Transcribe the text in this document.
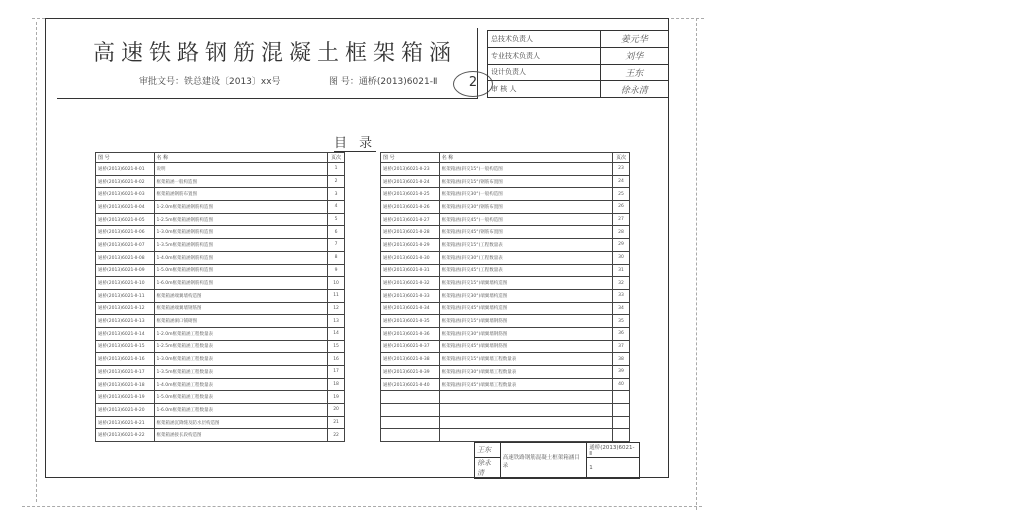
高速铁路钢筋混凝土框架箱涵
审批文号：铁总建设〔2013〕xx号	图 号：通桥(2013)6021-Ⅱ	2
总技术负责人	姜元华
专业技术负责人	刘华
设计负责人	王东
审 核 人	徐永清
目 录
图 号	名 称	页次
通桥(2013)6021-Ⅱ-01	说明	1
通桥(2013)6021-Ⅱ-02	框架箱涵一般构造图	2
通桥(2013)6021-Ⅱ-03	框架箱涵钢筋布置图	3
通桥(2013)6021-Ⅱ-04	1-2.0m框架箱涵钢筋构造图	4
通桥(2013)6021-Ⅱ-05	1-2.5m框架箱涵钢筋构造图	5
通桥(2013)6021-Ⅱ-06	1-3.0m框架箱涵钢筋构造图	6
通桥(2013)6021-Ⅱ-07	1-3.5m框架箱涵钢筋构造图	7
通桥(2013)6021-Ⅱ-08	1-4.0m框架箱涵钢筋构造图	8
通桥(2013)6021-Ⅱ-09	1-5.0m框架箱涵钢筋构造图	9
通桥(2013)6021-Ⅱ-10	1-6.0m框架箱涵钢筋构造图	10
通桥(2013)6021-Ⅱ-11	框架箱涵端翼墙构造图	11
通桥(2013)6021-Ⅱ-12	框架箱涵端翼墙钢筋图	12
通桥(2013)6021-Ⅱ-13	框架箱涵洞口铺砌图	13
通桥(2013)6021-Ⅱ-14	1-2.0m框架箱涵工程数量表	14
通桥(2013)6021-Ⅱ-15	1-2.5m框架箱涵工程数量表	15
通桥(2013)6021-Ⅱ-16	1-3.0m框架箱涵工程数量表	16
通桥(2013)6021-Ⅱ-17	1-3.5m框架箱涵工程数量表	17
通桥(2013)6021-Ⅱ-18	1-4.0m框架箱涵工程数量表	18
通桥(2013)6021-Ⅱ-19	1-5.0m框架箱涵工程数量表	19
通桥(2013)6021-Ⅱ-20	1-6.0m框架箱涵工程数量表	20
通桥(2013)6021-Ⅱ-21	框架箱涵沉降缝及防水层构造图	21
通桥(2013)6021-Ⅱ-22	框架箱涵接长段构造图	22
图 号	名 称	页次
通桥(2013)6021-Ⅱ-23	框架箱涵(斜交15°)一般构造图	23
通桥(2013)6021-Ⅱ-24	框架箱涵(斜交15°)钢筋布置图	24
通桥(2013)6021-Ⅱ-25	框架箱涵(斜交30°)一般构造图	25
通桥(2013)6021-Ⅱ-26	框架箱涵(斜交30°)钢筋布置图	26
通桥(2013)6021-Ⅱ-27	框架箱涵(斜交45°)一般构造图	27
通桥(2013)6021-Ⅱ-28	框架箱涵(斜交45°)钢筋布置图	28
通桥(2013)6021-Ⅱ-29	框架箱涵(斜交15°)工程数量表	29
通桥(2013)6021-Ⅱ-30	框架箱涵(斜交30°)工程数量表	30
通桥(2013)6021-Ⅱ-31	框架箱涵(斜交45°)工程数量表	31
通桥(2013)6021-Ⅱ-32	框架箱涵(斜交15°)端翼墙构造图	32
通桥(2013)6021-Ⅱ-33	框架箱涵(斜交30°)端翼墙构造图	33
通桥(2013)6021-Ⅱ-34	框架箱涵(斜交45°)端翼墙构造图	34
通桥(2013)6021-Ⅱ-35	框架箱涵(斜交15°)端翼墙钢筋图	35
通桥(2013)6021-Ⅱ-36	框架箱涵(斜交30°)端翼墙钢筋图	36
通桥(2013)6021-Ⅱ-37	框架箱涵(斜交45°)端翼墙钢筋图	37
通桥(2013)6021-Ⅱ-38	框架箱涵(斜交15°)端翼墙工程数量表	38
通桥(2013)6021-Ⅱ-39	框架箱涵(斜交30°)端翼墙工程数量表	39
通桥(2013)6021-Ⅱ-40	框架箱涵(斜交45°)端翼墙工程数量表	40

王东	高速铁路钢筋混凝土框架箱涵目录	通桥(2013)6021-Ⅱ
徐永清		1
